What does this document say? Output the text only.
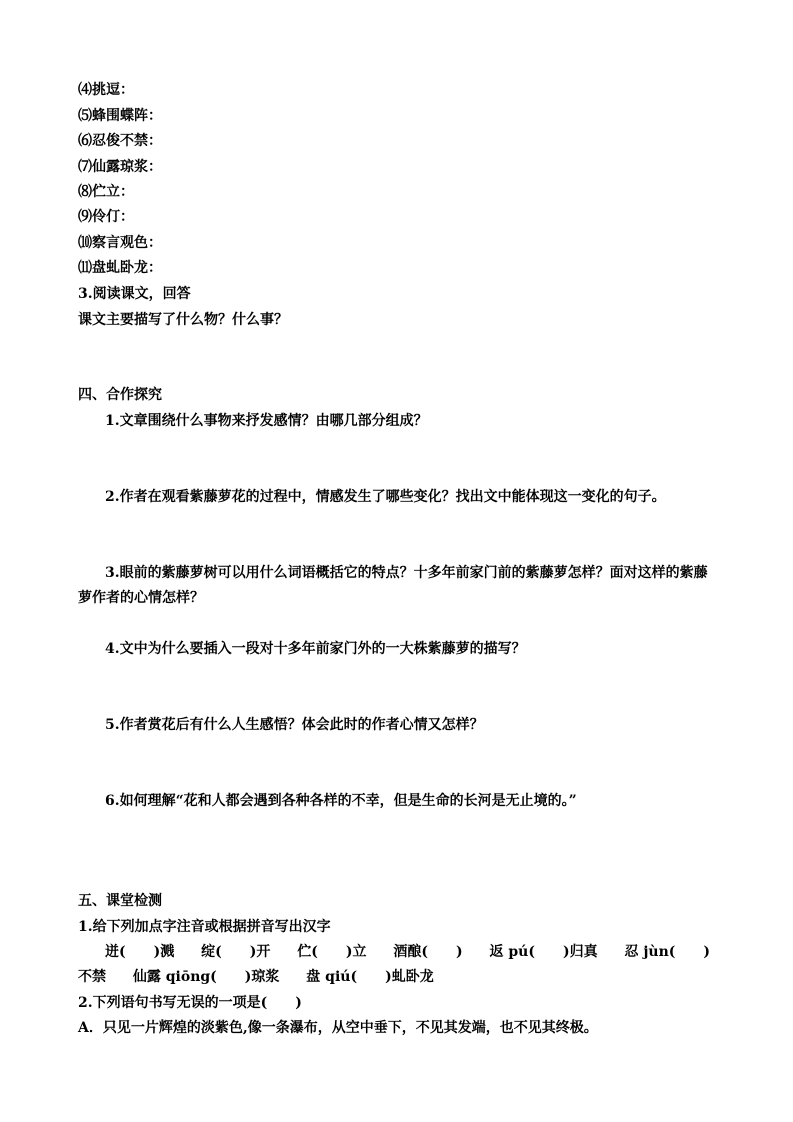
⑷挑逗：
⑸蜂围蝶阵：
⑹忍俊不禁：
⑺仙露琼浆：
⑻伫立：
⑼伶仃：
⑽察言观色：
⑾盘虬卧龙：
3.阅读课文，回答
课文主要描写了什么物？什么事？
四、合作探究
1.文章围绕什么事物来抒发感情？由哪几部分组成？
2.作者在观看紫藤萝花的过程中，情感发生了哪些变化？找出文中能体现这一变化的句子。
3.眼前的紫藤萝树可以用什么词语概括它的特点？十多年前家门前的紫藤萝怎样？面对这样的紫藤
萝作者的心情怎样？
4.文中为什么要插入一段对十多年前家门外的一大株紫藤萝的描写？
5.作者赏花后有什么人生感悟？体会此时的作者心情又怎样？
6.如何理解“花和人都会遇到各种各样的不幸，但是生命的长河是无止境的。”
五、课堂检测
1.给下列加点字注音或根据拼音写出汉字
迸( )溅 绽( )开 伫( )立 酒酿( ) 返 pú( )归真 忍 jùn( )
不禁 仙露 qiōng( )琼浆 盘 qiú( )虬卧龙
2.下列语句书写无误的一项是(　　)
A．只见一片辉煌的淡紫色,像一条瀑布，从空中垂下，不见其发端，也不见其终极。
